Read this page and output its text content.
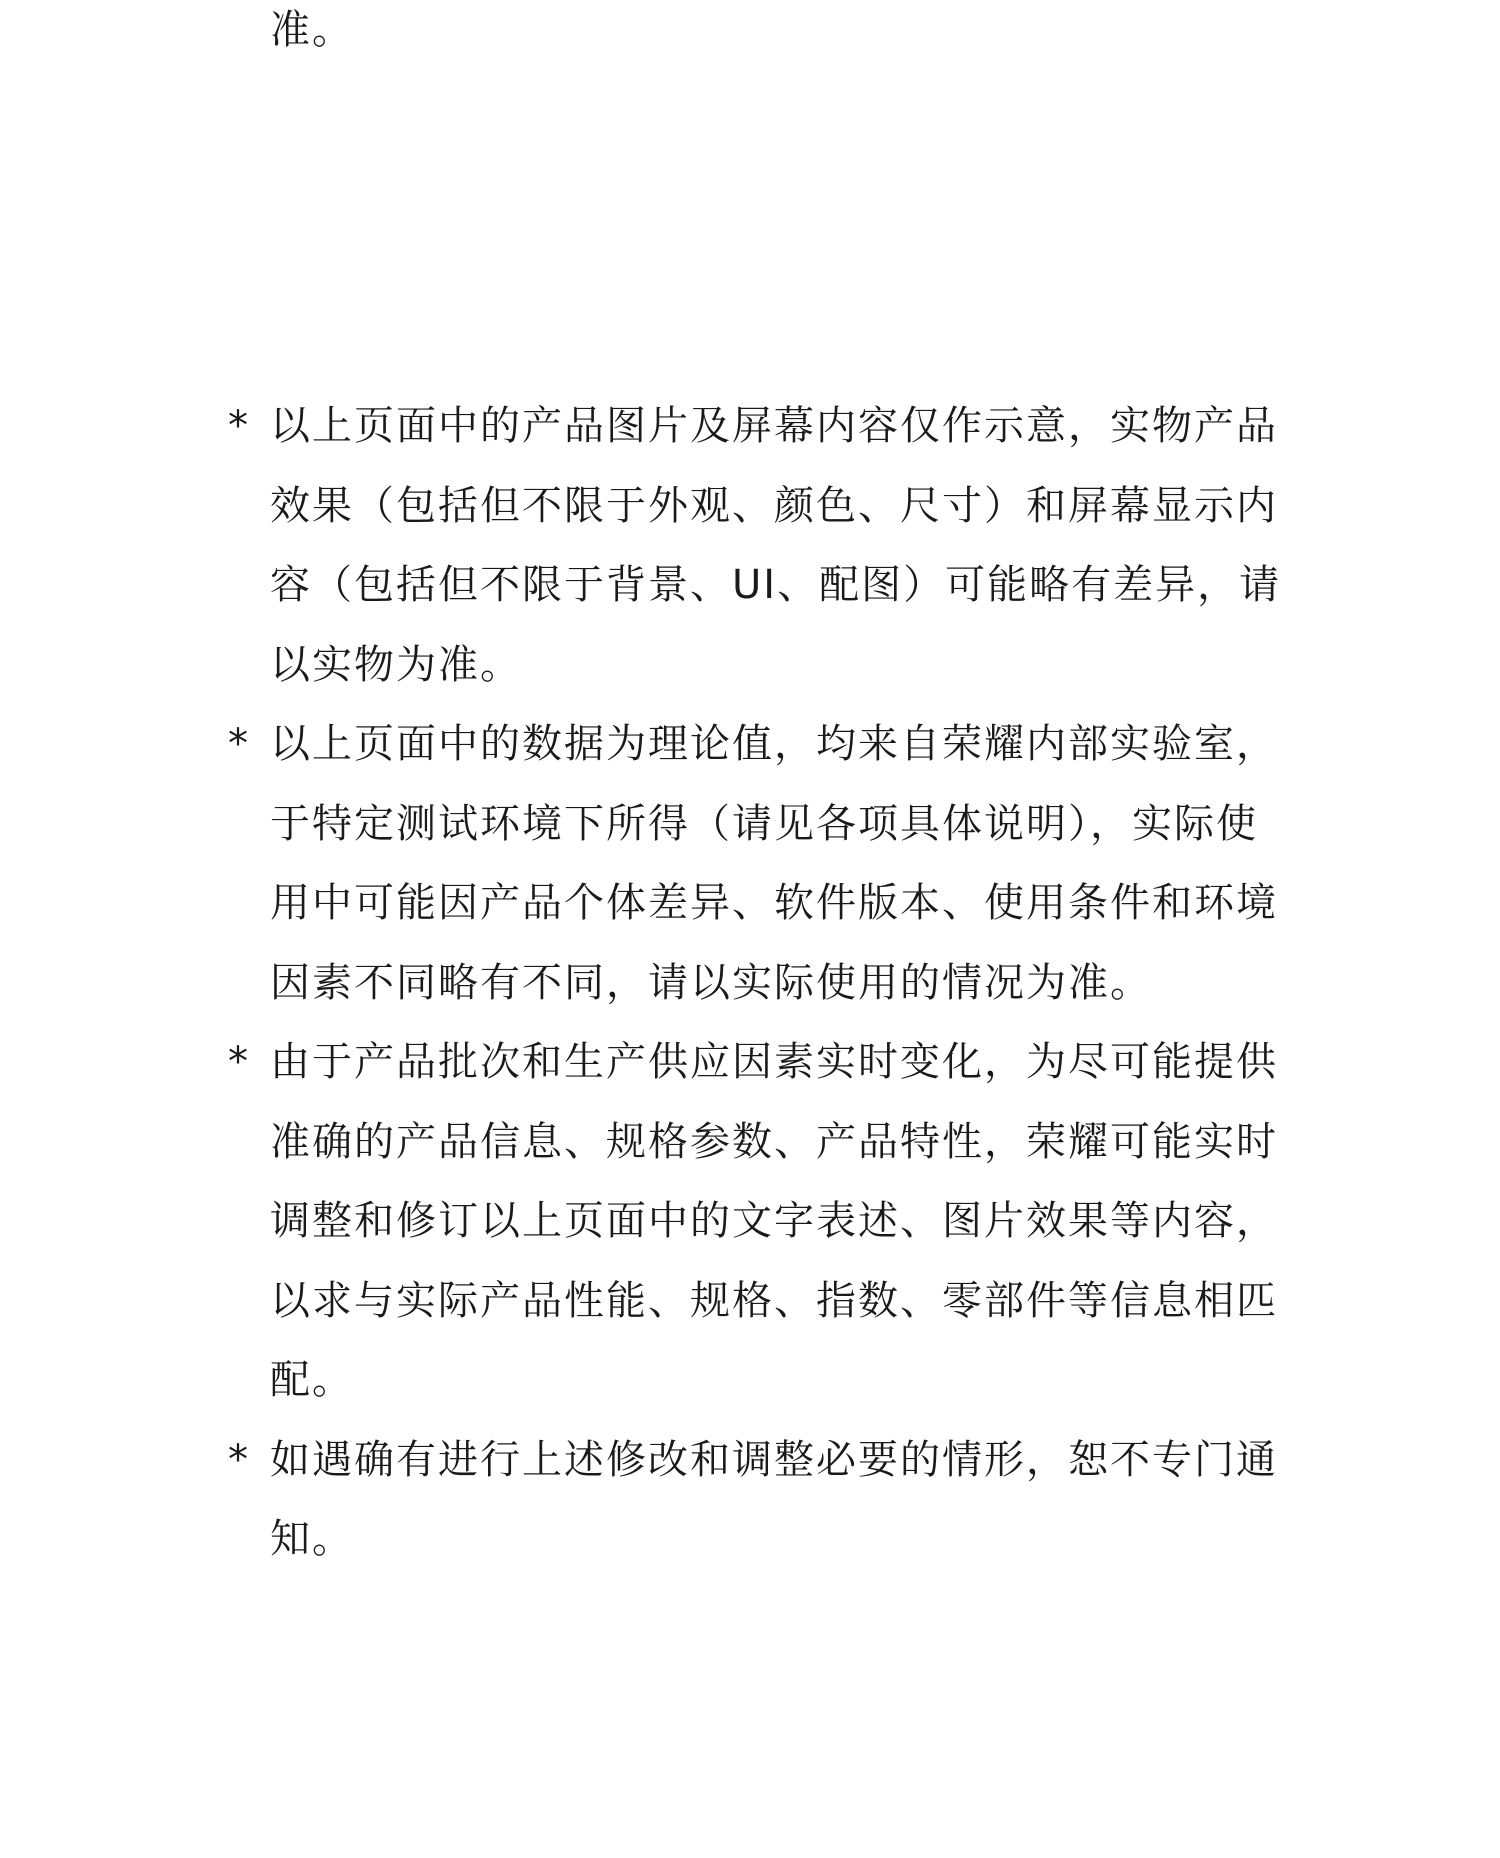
准。
* 以上页面中的产品图片及屏幕内容仅作示意，实物产品效果（包括但不限于外观、颜色、尺寸）和屏幕显示内容（包括但不限于背景、UI、配图）可能略有差异，请以实物为准。
* 以上页面中的数据为理论值，均来自荣耀内部实验室，于特定测试环境下所得（请见各项具体说明），实际使用中可能因产品个体差异、软件版本、使用条件和环境因素不同略有不同，请以实际使用的情况为准。
* 由于产品批次和生产供应因素实时变化，为尽可能提供准确的产品信息、规格参数、产品特性，荣耀可能实时调整和修订以上页面中的文字表述、图片效果等内容，以求与实际产品性能、规格、指数、零部件等信息相匹配。
* 如遇确有进行上述修改和调整必要的情形，恕不专门通知。
